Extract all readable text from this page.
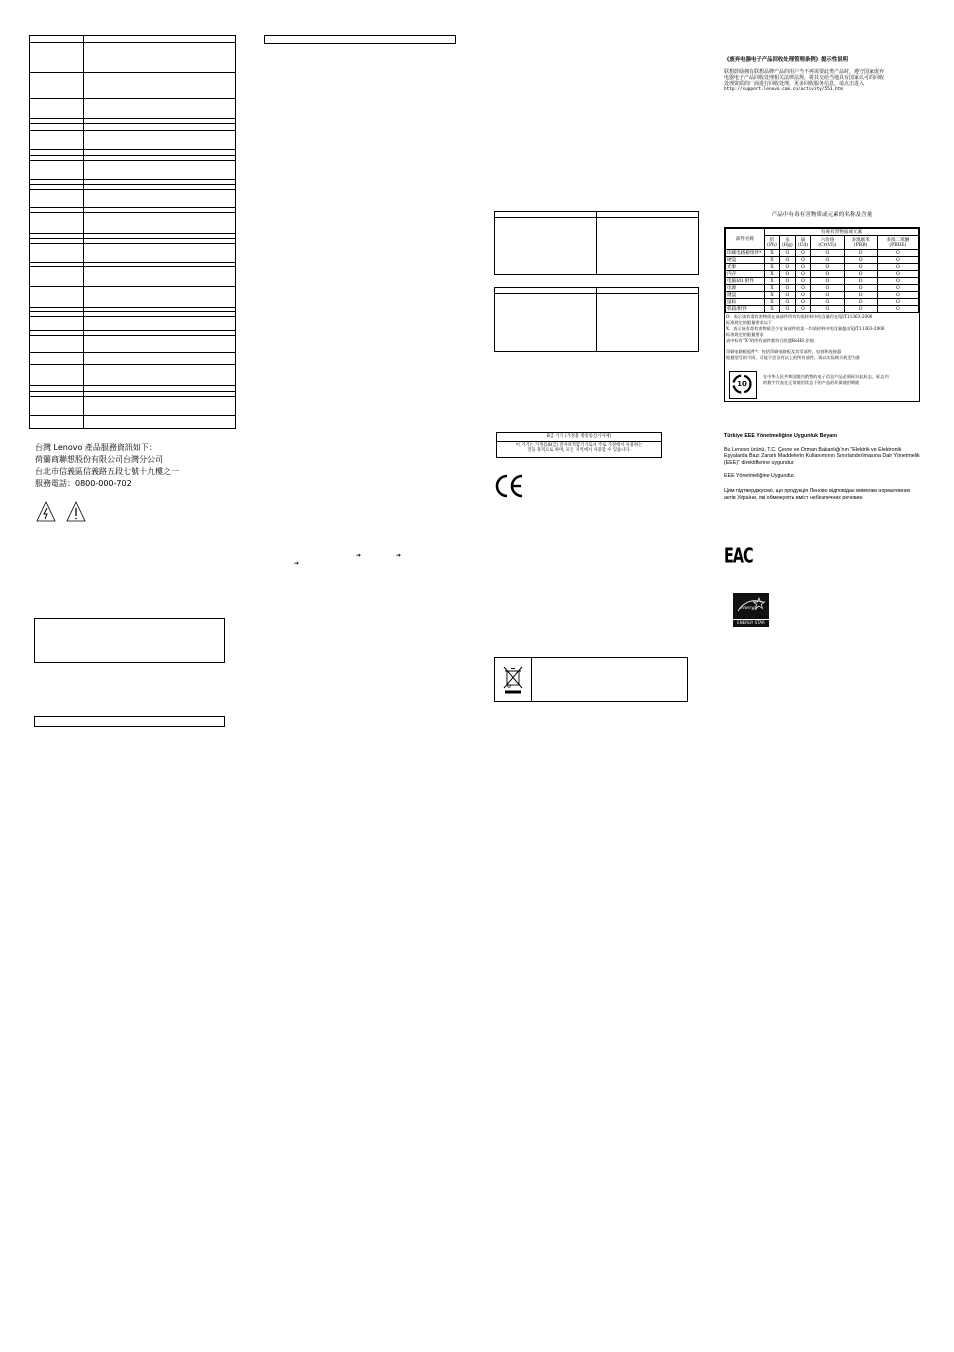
台灣 Lenovo 產品服務資訊如下：
荷蘭商聯想股份有限公司台灣分公司
台北市信義區信義路五段七號十九樓之一
服務電話：0800-000-702
➔	➔
➔

B급 기기 (가정용 방송통신기자재)
이 기기는 가정용(B급) 전자파적합기기로서 주로 가정에서 사용하는
것을 목적으로 하며, 모든 지역에서 사용할 수 있습니다.
《废弃电器电子产品回收处理管理条例》提示性说明
联想鼓励拥有联想品牌产品的用户当不再需要此类产品时，遵守国家废弃
电器电子产品回收处理相关法律法规，将其交给当地具有国家认可的回收
处理资质的厂商进行回收处理。更多回收服务信息，请点击进入
http://support.lenovo.com.cn/activity/551.htm
产品中有毒有害物质或元素的名称及含量
部件名称	有毒有害物质或元素					
	铅(Pb)	汞(Hg)	镉(Cd)	六价铬 (Cr(VI))	多溴联苯 (PBB)	多溴二苯醚 (PBDE)
印刷电路板组件*	X	O	O	O	O	O
硬盘	X	O	O	O	O	O
光驱	X	O	O	O	O	O
内存	X	O	O	O	O	O
电脑I/O 附件	X	O	O	O	O	O
电源	X	O	O	O	O	O
键盘	X	O	O	O	O	O
鼠标	X	O	O	O	O	O
机箱/附件	X	O	O	O	O	O
O：表示该有毒有害物质在该部件所有均质材料中的含量均在SJ/T11363-2006
标准规定的限量要求以下
X：表示该有毒有害物质至少在该部件的某一均质材料中的含量超出SJ/T11363-2006
标准规定的限量要求
表中标有“X”的所有部件都符合欧盟RoHS 法规.
印刷电路板组件*：包括印刷电路板及其零部件、电容和连接器
根据型号的不同，可能不会含有以上的所有部件，请以实际购买机型为准
10
在中华人民共和国境内销售的电子信息产品必须标识此标志，标志内
的数字代表在正常使用状态下的产品的环保使用期限
Türkiye EEE Yönetmeliğine Uygunluk Beyanı
Bu Lenovo ürünü, T.C. Çevre ve Orman Bakanlığı'nın "Elektrik ve Elektronik Eşyalarda Bazı Zararlı Maddelerin Kullanımının Sınırlandırılmasına Dair Yönetmelik (EEE)" direktiflerine uygundur.
EEE Yönetmeliğine Uygundur.
Цим підтверджуємо, що продукція Леново відповідає вимогам нормативних актів України, які обмежують вміст небезпечних речовин
EAC
energy
ENERGY STAR
